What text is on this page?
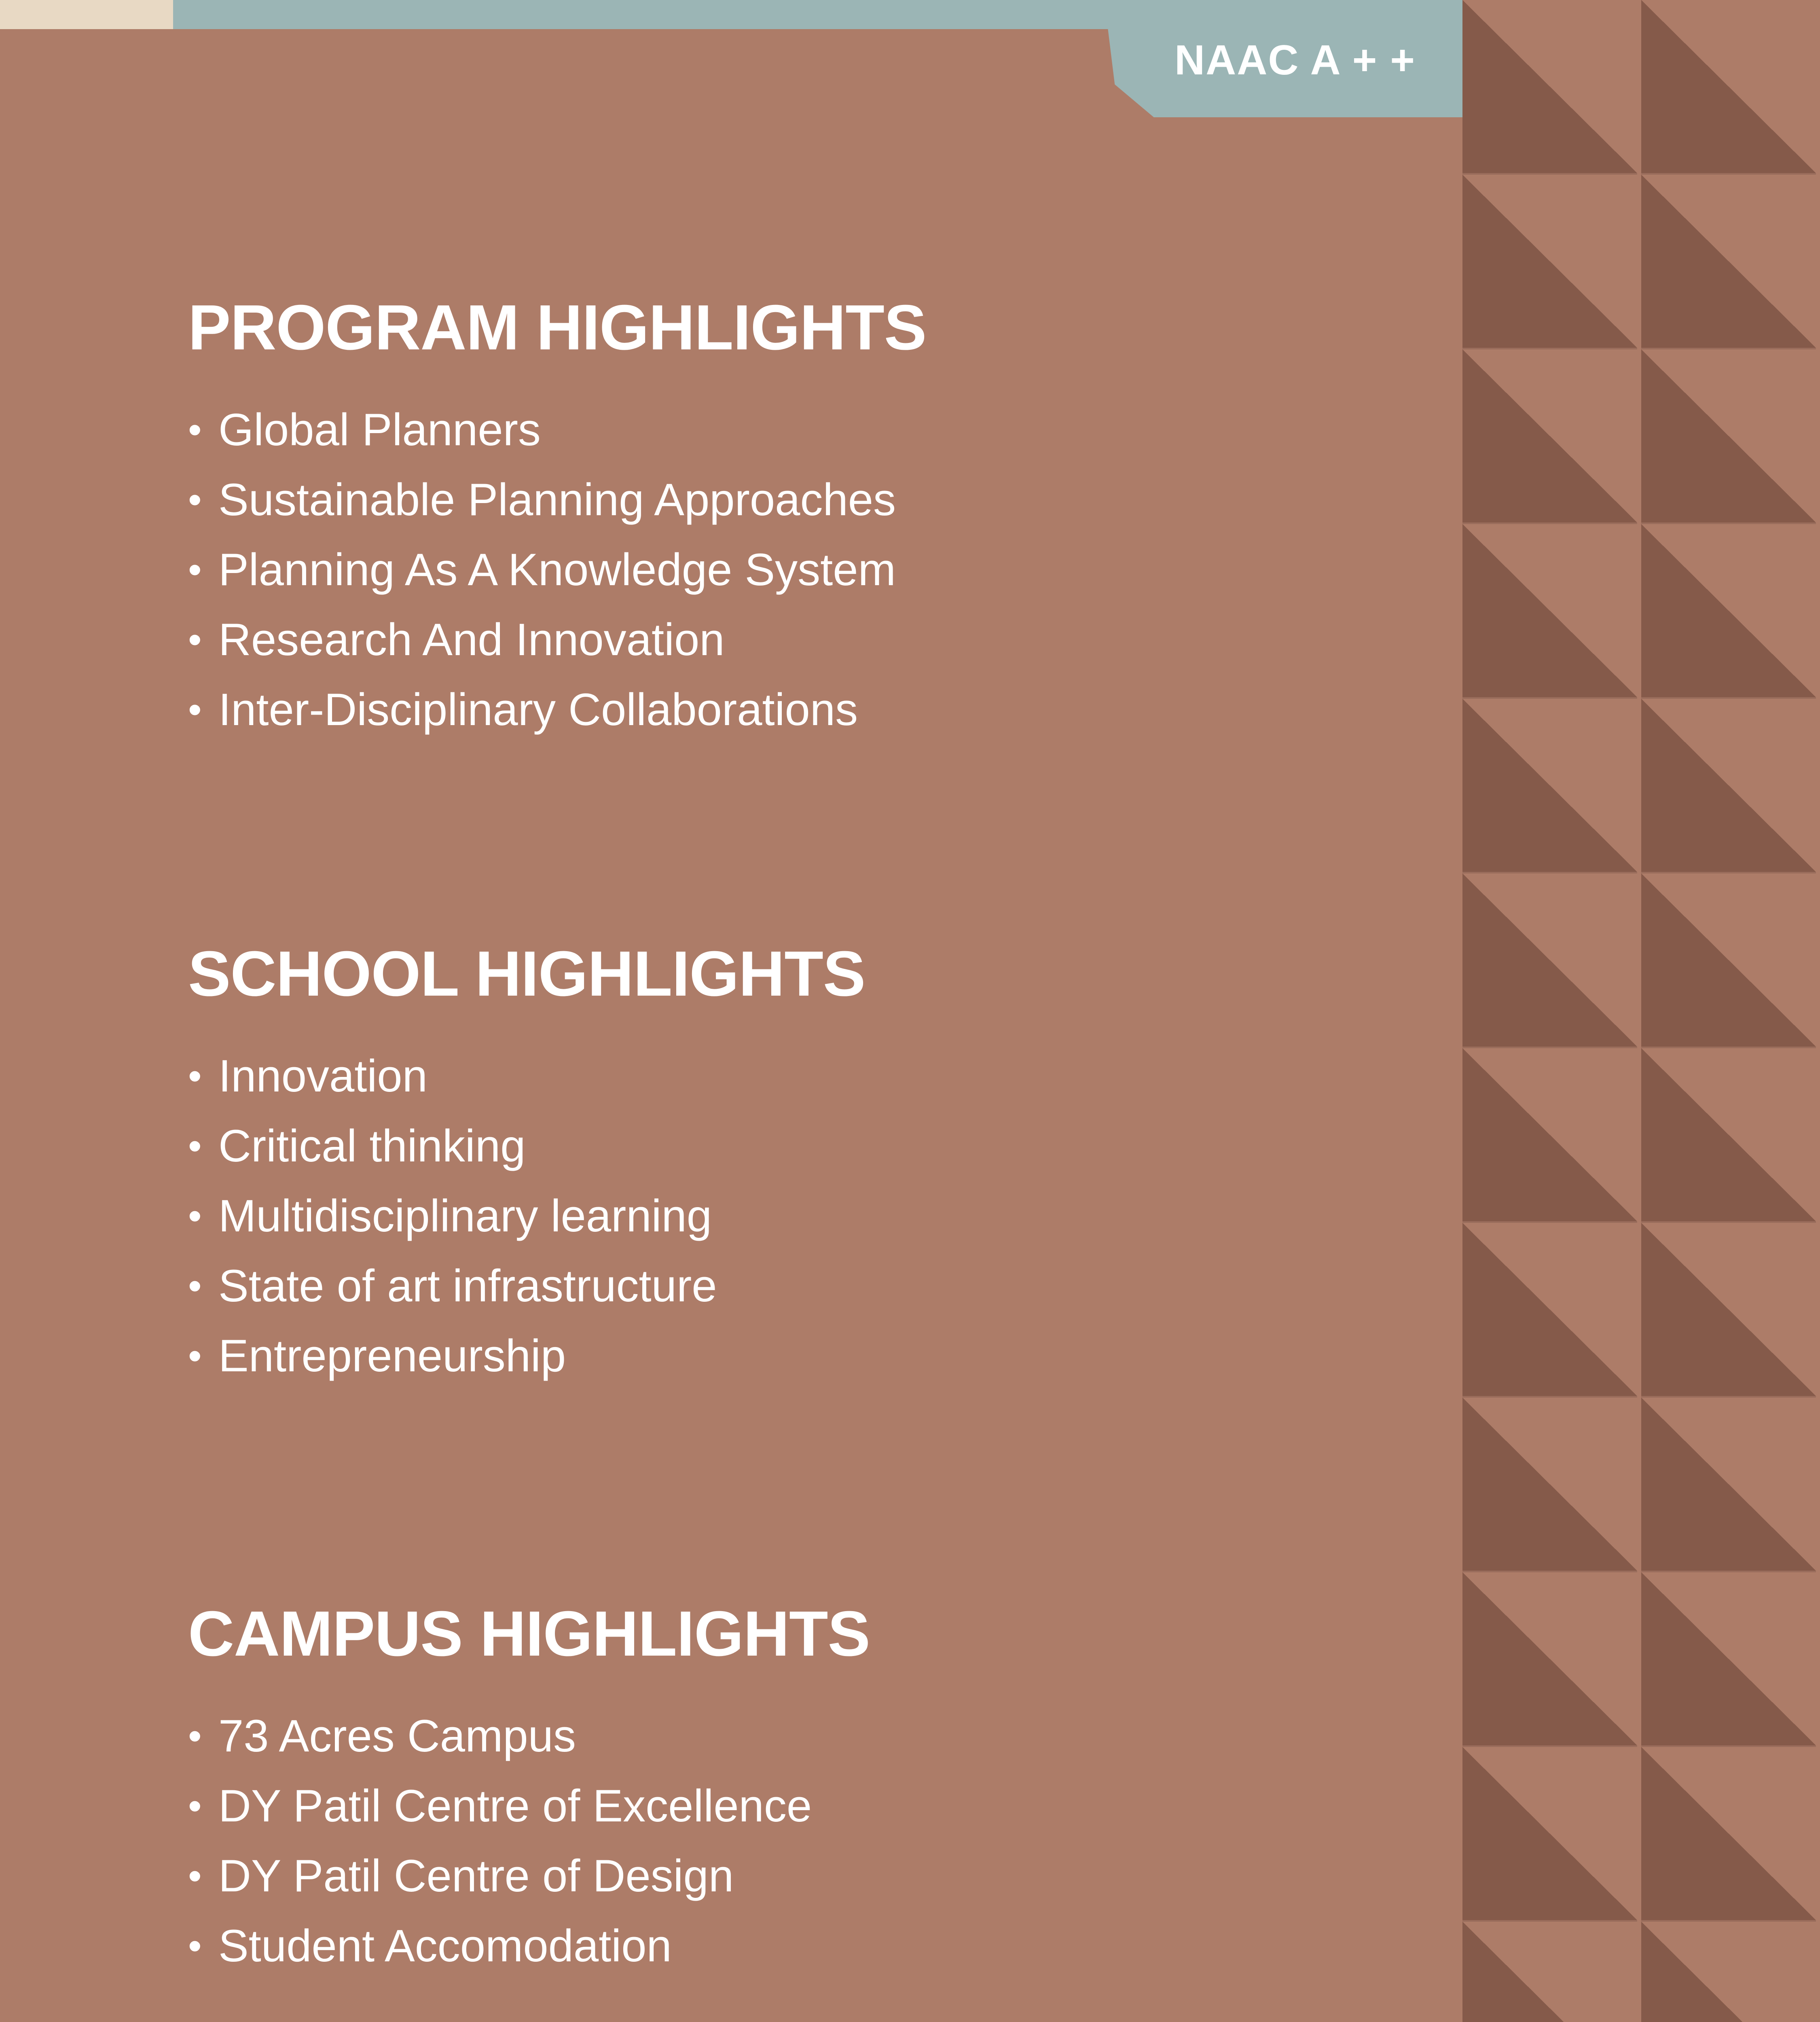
NAAC A + +
PROGRAM HIGHLIGHTS
• Global Planners
• Sustainable Planning Approaches
• Planning As A Knowledge System
• Research And Innovation
• Inter-Disciplinary Collaborations
SCHOOL HIGHLIGHTS
• Innovation
• Critical thinking
• Multidisciplinary learning
• State of art infrastructure
• Entrepreneurship
CAMPUS HIGHLIGHTS
• 73 Acres Campus
• DY Patil Centre of Excellence
• DY Patil Centre of Design
• Student Accomodation
